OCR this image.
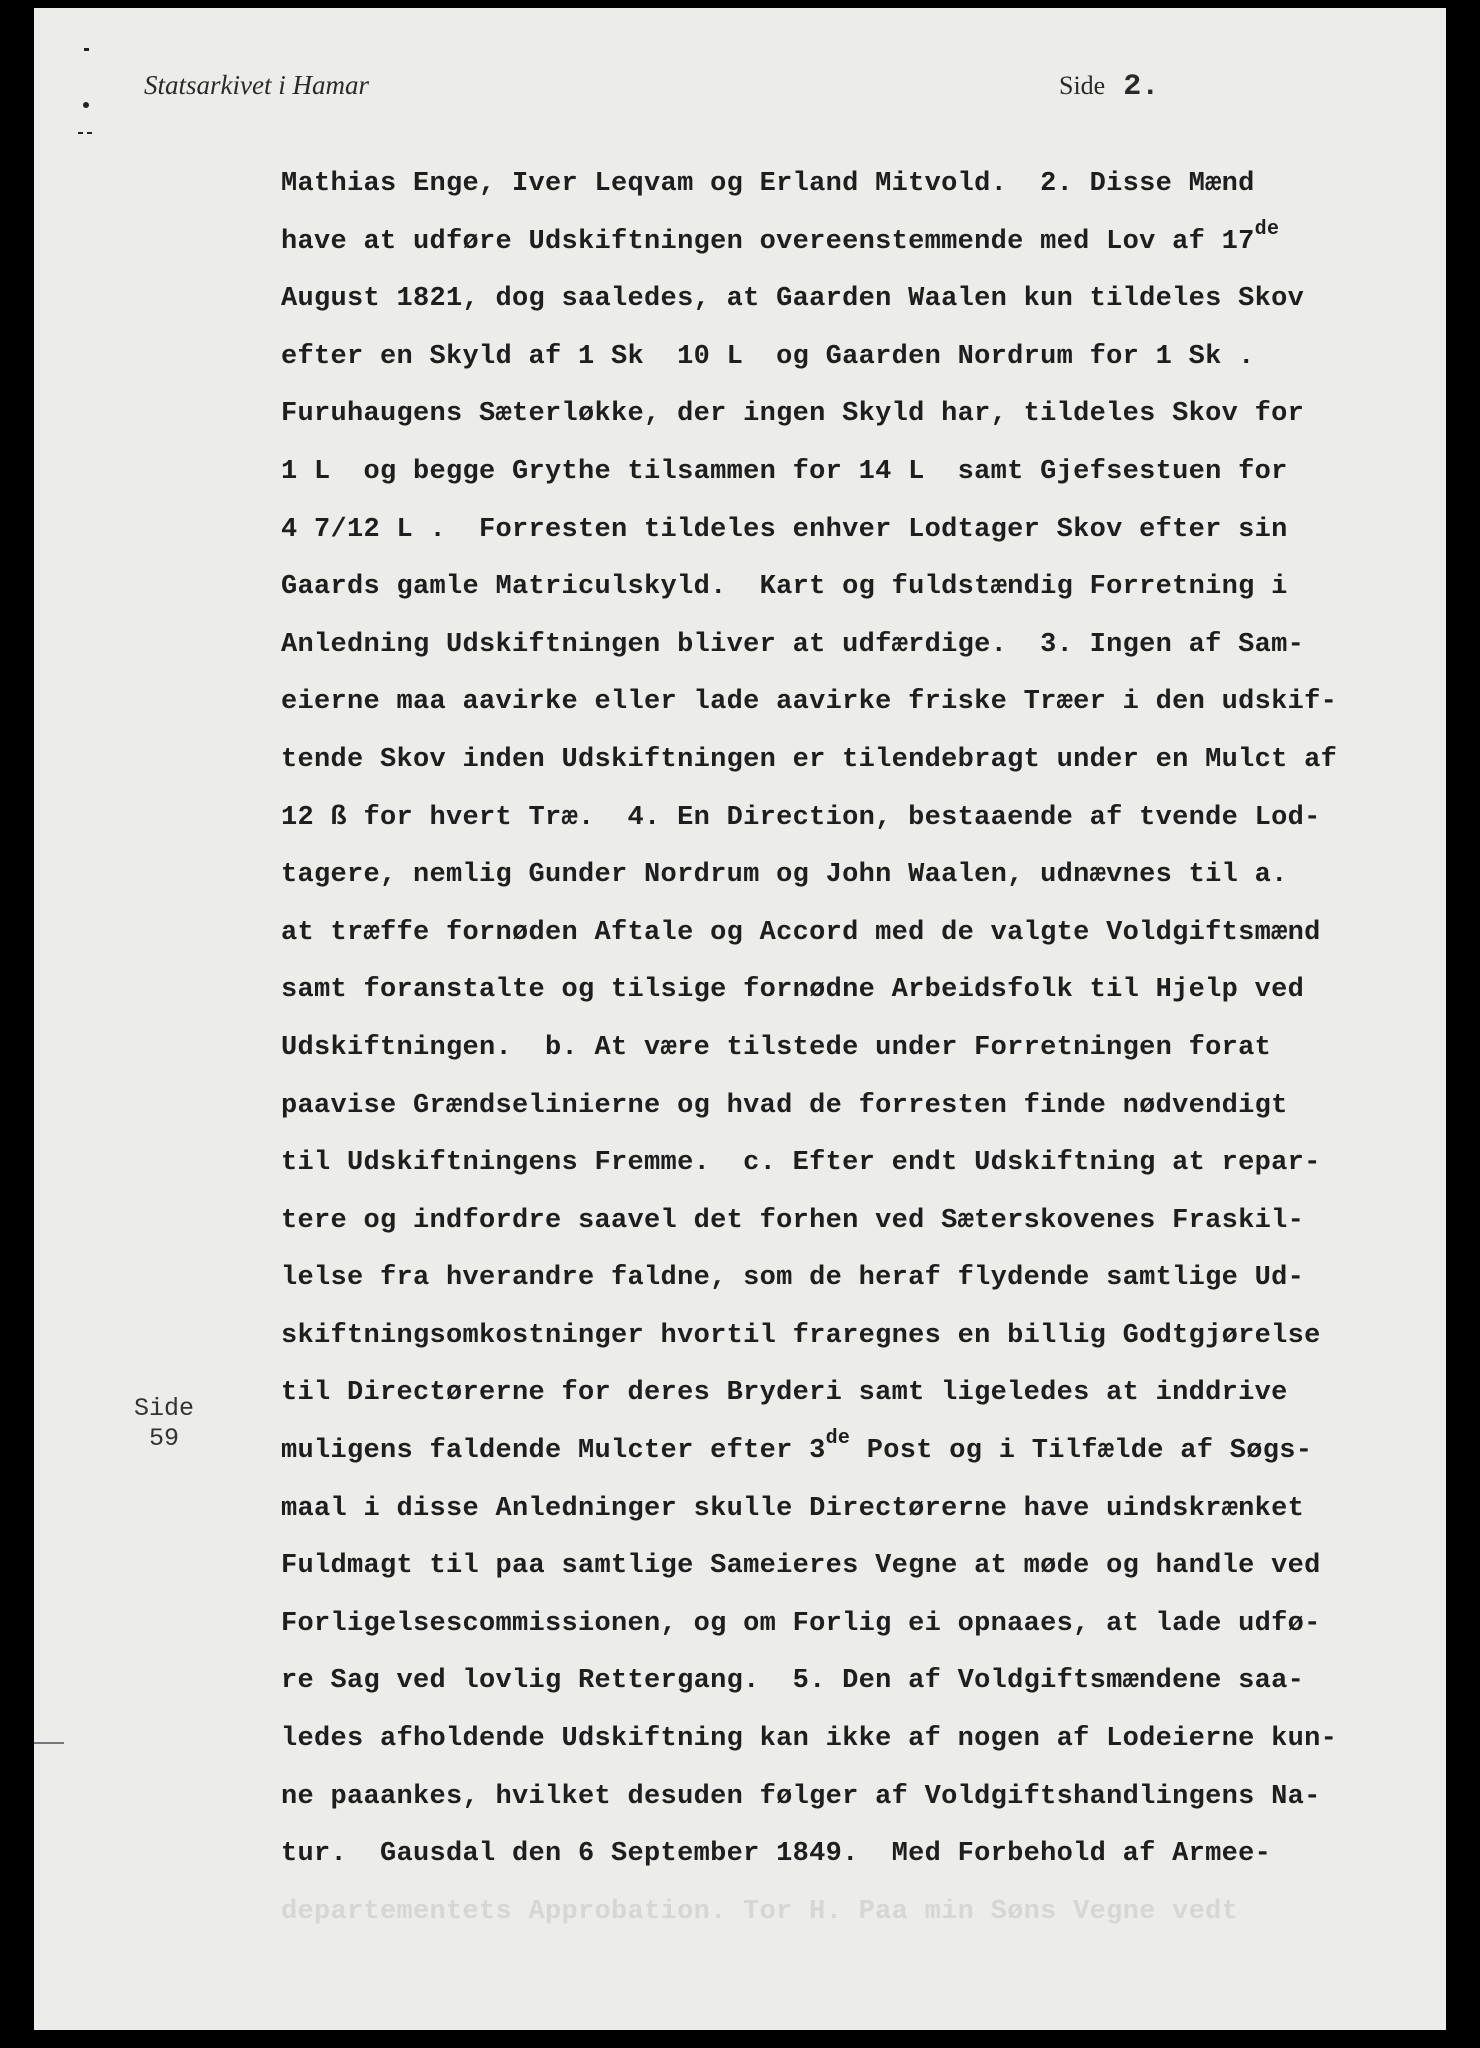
Statsarkivet i Hamar	Side 2.
Mathias Enge, Iver Leqvam og Erland Mitvold.  2. Disse Mænd
have at udføre Udskiftningen overeenstemmende med Lov af 17de
August 1821, dog saaledes, at Gaarden Waalen kun tildeles Skov
efter en Skyld af 1 Sk  10 L  og Gaarden Nordrum for 1 Sk .
Furuhaugens Sæterløkke, der ingen Skyld har, tildeles Skov for
1 L  og begge Grythe tilsammen for 14 L  samt Gjefsestuen for
4 7/12 L .  Forresten tildeles enhver Lodtager Skov efter sin
Gaards gamle Matriculskyld.  Kart og fuldstændig Forretning i
Anledning Udskiftningen bliver at udfærdige.  3. Ingen af Sam-
eierne maa aavirke eller lade aavirke friske Træer i den udskif-
tende Skov inden Udskiftningen er tilendebragt under en Mulct af
12 ß for hvert Træ.  4. En Direction, bestaaende af tvende Lod-
tagere, nemlig Gunder Nordrum og John Waalen, udnævnes til a.
at træffe fornøden Aftale og Accord med de valgte Voldgiftsmænd
samt foranstalte og tilsige fornødne Arbeidsfolk til Hjelp ved
Udskiftningen.  b. At være tilstede under Forretningen forat
paavise Grændselinierne og hvad de forresten finde nødvendigt
til Udskiftningens Fremme.  c. Efter endt Udskiftning at repar-
tere og indfordre saavel det forhen ved Sæterskovenes Fraskil-
lelse fra hverandre faldne, som de heraf flydende samtlige Ud-
skiftningsomkostninger hvortil fraregnes en billig Godtgjørelse
til Directørerne for deres Bryderi samt ligeledes at inddrive
muligens faldende Mulcter efter 3de Post og i Tilfælde af Søgs-
maal i disse Anledninger skulle Directørerne have uindskrænket
Fuldmagt til paa samtlige Sameieres Vegne at møde og handle ved
Forligelsescommissionen, og om Forlig ei opnaaes, at lade udfø-
re Sag ved lovlig Rettergang.  5. Den af Voldgiftsmændene saa-
ledes afholdende Udskiftning kan ikke af nogen af Lodeierne kun-
ne paaankes, hvilket desuden følger af Voldgiftshandlingens Na-
tur.  Gausdal den 6 September 1849.  Med Forbehold af Armee-
departementets Approbation. Tor H. Paa min Søns Vegne vedt
Side
59
